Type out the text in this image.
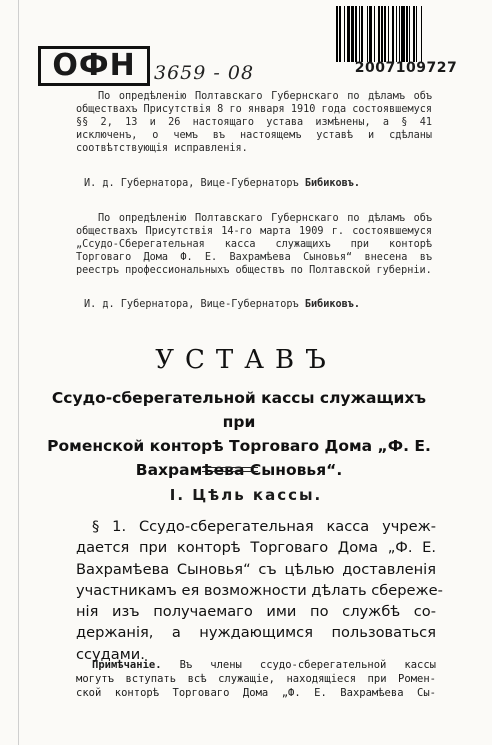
ОФН 3659 - 08	2007109727

По опредѣленію Полтавскаго Губернскаго по дѣламъ объ обществахъ Присутствія 8 го января 1910 года состоявшемуся §§ 2, 13 и 26 настоящаго устава измѣнены, а § 41 исключенъ, о чемъ въ настоящемъ уставѣ и сдѣланы соотвѣтствующія исправленія.

И. д. Губернатора, Вице-Губернаторъ Бибиковъ.

По опредѣленію Полтавскаго Губернскаго по дѣламъ объ обществахъ Присутствія 14-го марта 1909 г. состоявшемуся „Ссудо-Сберегательная касса служащихъ при конторѣ Торговаго Дома Ф. Е. Вахрамѣева Сыновья“ внесена въ реестръ профессиональныхъ обществъ по Полтавской губерніи.

И. д. Губернатора, Вице-Губернаторъ Бибиковъ.
УСТАВЪ
Ссудо-сберегательной кассы служащихъ при
Роменской конторѣ Торговаго Дома „Ф. Е.
Вахрамѣева Сыновья“.
I. Цѣль кассы.
§ 1. Ссудо-сберегательная касса учреж-
дается при конторѣ Торговаго Дома „Ф. Е.
Вахрамѣева Сыновья“ съ цѣлью доставленія
участникамъ ея возможности дѣлать сбереже-
нія изъ получаемаго ими по службѣ со-
держанія, а нуждающимся пользоваться
ссудами.
Примѣчаніе. Въ члены ссудо-сберегательной кассы
могутъ вступать всѣ служащіе, находящіеся при Ромен-
ской конторѣ Торговаго Дома „Ф. Е. Вахрамѣева Сы-
